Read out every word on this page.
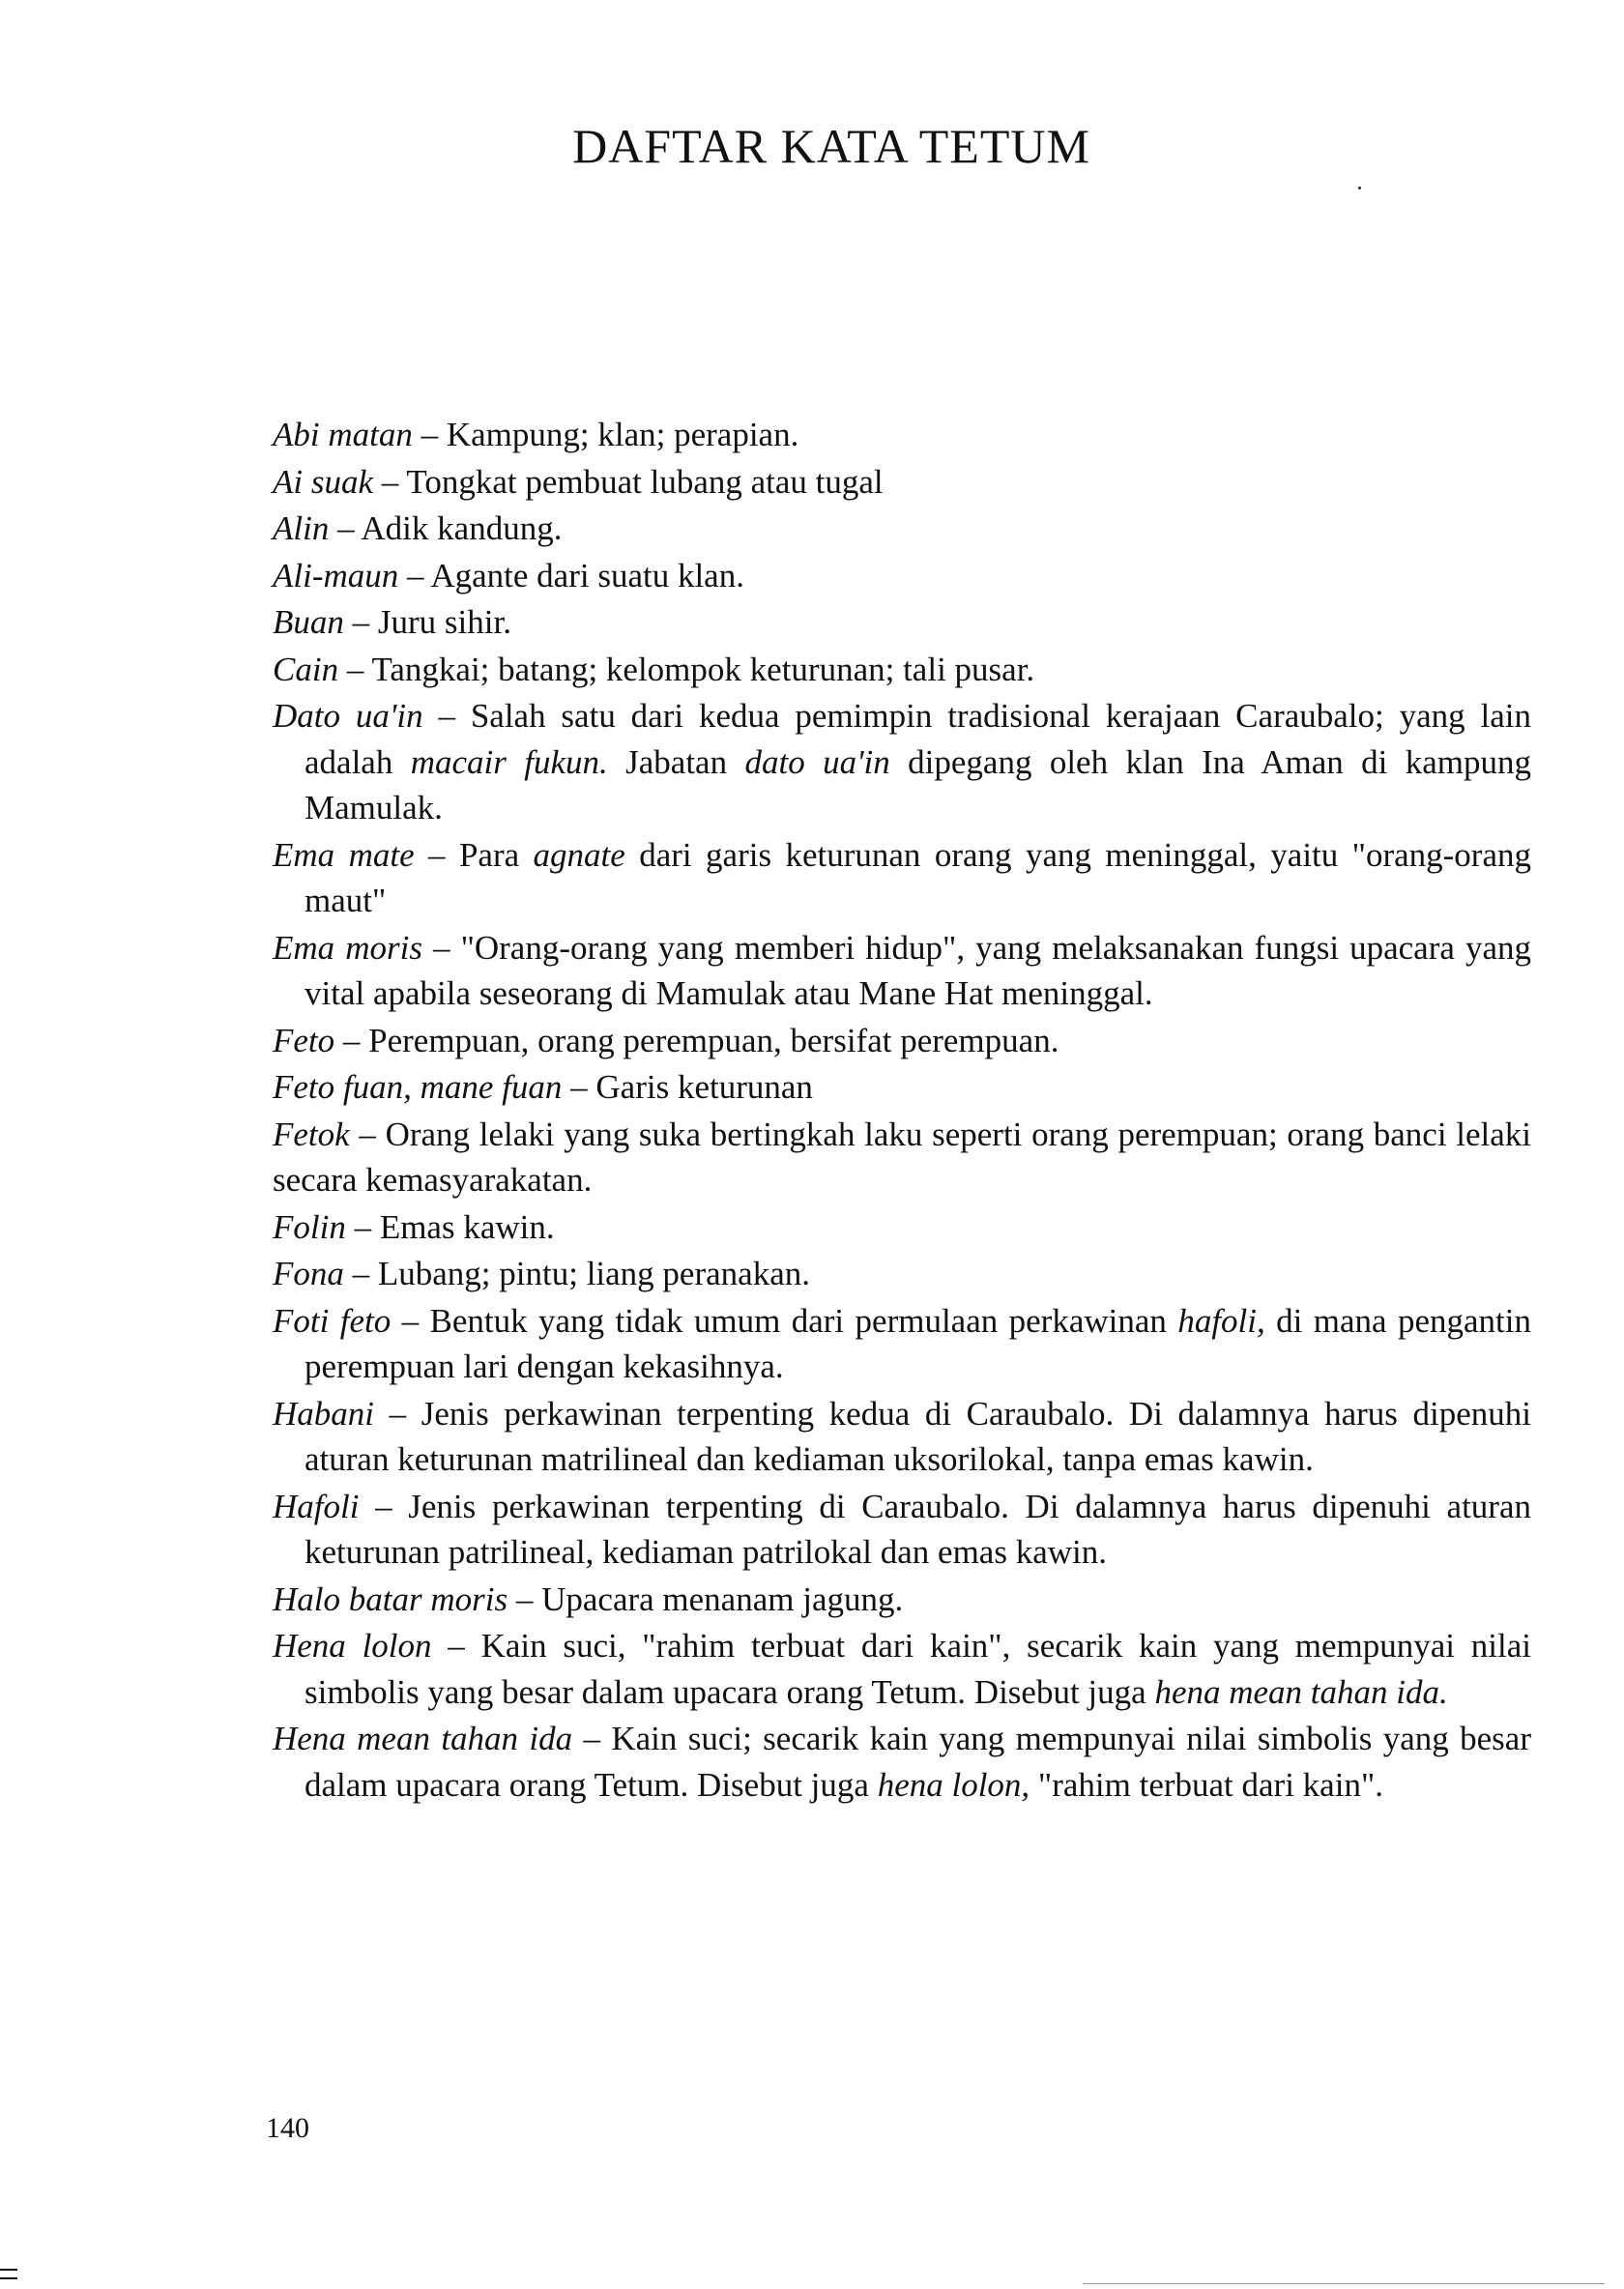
DAFTAR KATA TETUM

Abi matan – Kampung; klan; perapian.

Ai suak – Tongkat pembuat lubang atau tugal

Alin – Adik kandung.

Ali-maun – Agante dari suatu klan.

Buan – Juru sihir.

Cain – Tangkai; batang; kelompok keturunan; tali pusar.

Dato ua'in – Salah satu dari kedua pemimpin tradisional kerajaan Caraubalo; yang lain adalah macair fukun. Jabatan dato ua'in dipegang oleh klan Ina Aman di kampung Mamulak.

Ema mate – Para agnate dari garis keturunan orang yang meninggal, yaitu "orang-orang maut"

Ema moris – "Orang-orang yang memberi hidup", yang melaksanakan fungsi upacara yang vital apabila seseorang di Mamulak atau Mane Hat meninggal.

Feto – Perempuan, orang perempuan, bersifat perempuan.

Feto fuan, mane fuan – Garis keturunan

Fetok – Orang lelaki yang suka bertingkah laku seperti orang perempuan; orang banci lelaki secara kemasyarakatan.

Folin – Emas kawin.

Fona – Lubang; pintu; liang peranakan.

Foti feto – Bentuk yang tidak umum dari permulaan perkawinan hafoli, di mana pengantin perempuan lari dengan kekasihnya.

Habani – Jenis perkawinan terpenting kedua di Caraubalo. Di dalamnya harus dipenuhi aturan keturunan matrilineal dan kediaman uksorilokal, tanpa emas kawin.

Hafoli – Jenis perkawinan terpenting di Caraubalo. Di dalamnya harus dipenuhi aturan keturunan patrilineal, kediaman patrilokal dan emas kawin.

Halo batar moris – Upacara menanam jagung.

Hena lolon – Kain suci, "rahim terbuat dari kain", secarik kain yang mempunyai nilai simbolis yang besar dalam upacara orang Tetum. Disebut juga hena mean tahan ida.

Hena mean tahan ida – Kain suci; secarik kain yang mempunyai nilai simbolis yang besar dalam upacara orang Tetum. Disebut juga hena lolon, "rahim terbuat dari kain".

140
